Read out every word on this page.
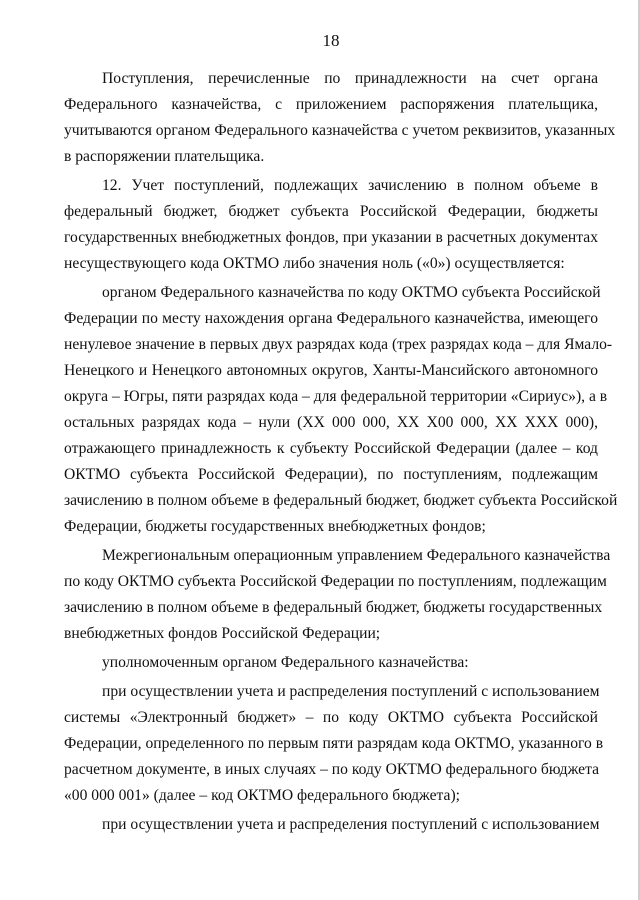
18

Поступления, перечисленные по принадлежности на счет органа
Федерального казначейства, с приложением распоряжения плательщика,
учитываются органом Федерального казначейства с учетом реквизитов, указанных
в распоряжении плательщика.

12. Учет поступлений, подлежащих зачислению в полном объеме в
федеральный бюджет, бюджет субъекта Российской Федерации, бюджеты
государственных внебюджетных фондов, при указании в расчетных документах
несуществующего кода ОКТМО либо значения ноль («0») осуществляется:

органом Федерального казначейства по коду ОКТМО субъекта Российской
Федерации по месту нахождения органа Федерального казначейства, имеющего
ненулевое значение в первых двух разрядах кода (трех разрядах кода – для Ямало-
Ненецкого и Ненецкого автономных округов, Ханты-Мансийского автономного
округа – Югры, пяти разрядах кода – для федеральной территории «Сириус»), а в
остальных разрядах кода – нули (XX 000 000, XX X00 000, XX XXX 000),
отражающего принадлежность к субъекту Российской Федерации (далее – код
ОКТМО субъекта Российской Федерации), по поступлениям, подлежащим
зачислению в полном объеме в федеральный бюджет, бюджет субъекта Российской
Федерации, бюджеты государственных внебюджетных фондов;

Межрегиональным операционным управлением Федерального казначейства
по коду ОКТМО субъекта Российской Федерации по поступлениям, подлежащим
зачислению в полном объеме в федеральный бюджет, бюджеты государственных
внебюджетных фондов Российской Федерации;

уполномоченным органом Федерального казначейства:

при осуществлении учета и распределения поступлений с использованием
системы «Электронный бюджет» – по коду ОКТМО субъекта Российской
Федерации, определенного по первым пяти разрядам кода ОКТМО, указанного в
расчетном документе, в иных случаях – по коду ОКТМО федерального бюджета
«00 000 001» (далее – код ОКТМО федерального бюджета);

при осуществлении учета и распределения поступлений с использованием
